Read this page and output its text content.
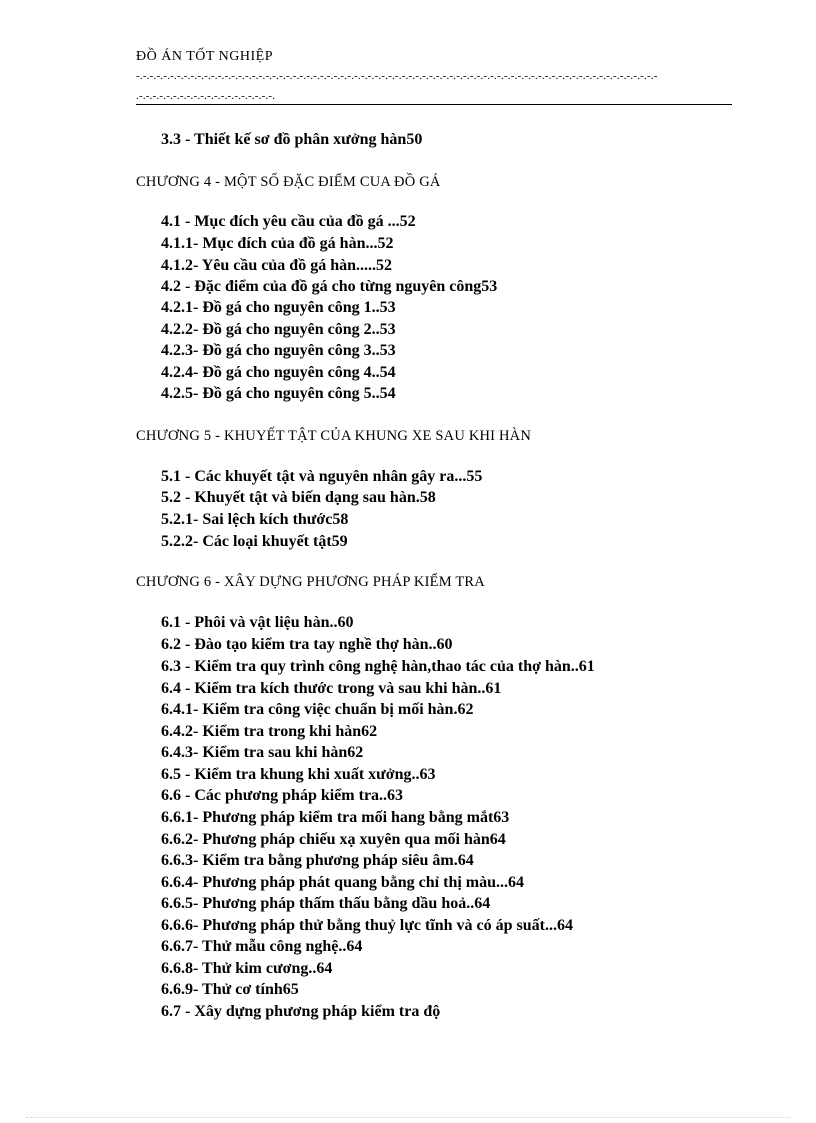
ĐỒ ÁN TỐT NGHIỆP
-.-.-.-.-.-.-.-.-.-.-.-.-.-.-.-.-.-.-.-.-.-.-.-.-.-.-.-.-.-.-.-.-.-.-.-.-.-.-.-.-.-.-.-.-.-.-.-.-.-.-.-.-.-.-.-.-.-.-.-.-.-.-.-.-.-.-.-.-.-.-.-.-.-.-.-.-
.-.-.-.-.-.-.-.-.-.-.-.-.-.-.-.-.-.-.-.-.
3.3 - Thiết kế sơ đồ phân xưởng hàn50
CHƯƠNG 4 - MỘT SỐ ĐẶC ĐIỂM CUA ĐỒ GÁ
4.1 - Mục đích yêu cầu của đồ gá ...52
4.1.1- Mục đích của đồ gá hàn...52
4.1.2- Yêu cầu của đồ gá hàn.....52
4.2 - Đặc điểm của đồ gá cho từng nguyên công53
4.2.1- Đồ gá cho nguyên công 1..53
4.2.2- Đồ gá cho nguyên công 2..53
4.2.3- Đồ gá cho nguyên công 3..53
4.2.4- Đồ gá cho nguyên công 4..54
4.2.5- Đồ gá cho nguyên công 5..54
CHƯƠNG 5 - KHUYẾT TẬT CỦA KHUNG XE SAU KHI HÀN
5.1 - Các khuyết tật và nguyên nhân gây ra...55
5.2 - Khuyết tật và biến dạng sau hàn.58
5.2.1- Sai lệch kích thước58
5.2.2- Các loại khuyết tật59
CHƯƠNG 6 - XÂY DỰNG PHƯƠNG PHÁP KIỂM TRA
6.1 - Phôi và vật liệu hàn..60
6.2 - Đào tạo kiểm tra tay nghề thợ hàn..60
6.3 - Kiểm tra quy trình công nghệ hàn,thao tác của thợ hàn..61
6.4 - Kiểm tra kích thước trong và sau khi hàn..61
6.4.1- Kiểm tra công việc chuẩn bị mối hàn.62
6.4.2- Kiểm tra trong khi hàn62
6.4.3- Kiểm tra sau khi hàn62
6.5 - Kiểm tra khung khi xuất xưởng..63
6.6 - Các phương pháp kiểm tra..63
6.6.1- Phương pháp kiểm tra mối hang bằng mắt63
6.6.2- Phương pháp chiếu xạ xuyên qua mối hàn64
6.6.3- Kiểm tra bằng phương pháp siêu âm.64
6.6.4- Phương pháp phát quang bằng chỉ thị màu...64
6.6.5- Phương pháp thấm thấu bằng dầu hoả..64
6.6.6- Phương pháp thử bằng thuỷ lực tĩnh và có áp suất...64
6.6.7- Thử mẫu công nghệ..64
6.6.8- Thử kim cương..64
6.6.9- Thử cơ tính65
6.7 - Xây dựng phương pháp kiểm tra độ
